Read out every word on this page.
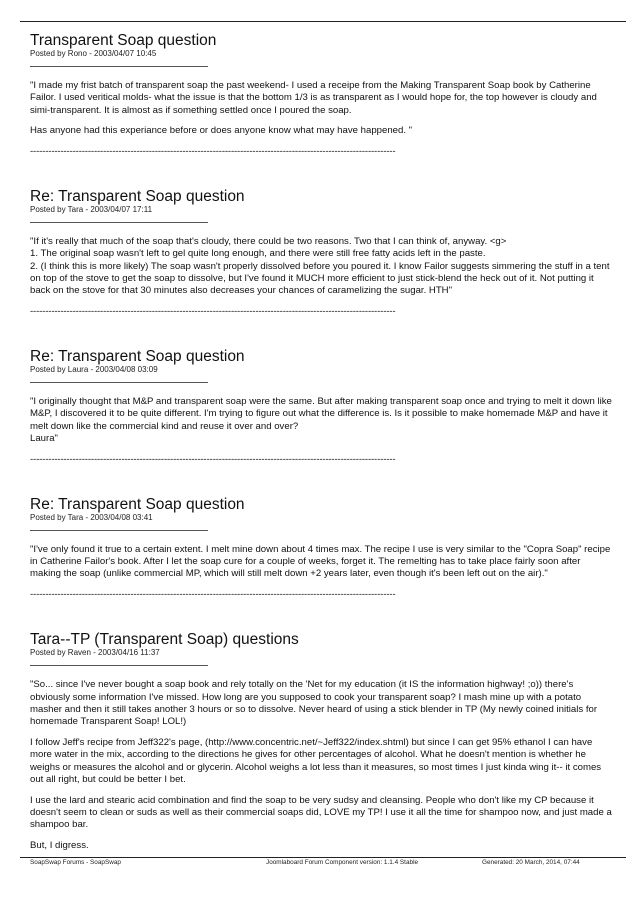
Transparent Soap question

Posted by Rono - 2003/04/07 10:45

"I made my frist batch of transparent soap the past weekend- I used a receipe from the Making Transparent Soap book by Catherine Failor. I used veritical molds- what the issue is that the bottom 1/3 is as transparent as I would hope for, the top however is cloudy and simi-transparent. It is almost as if something settled once I poured the soap.

Has anyone had this experiance before or does anyone know what may have happened. "

------------------------------------------------------------------------------------------------------------------------
Re: Transparent Soap question

Posted by Tara - 2003/04/07 17:11

"If it's really that much of the soap that's cloudy, there could be two reasons. Two that I can think of, anyway. <g>
1. The original soap wasn't left to gel quite long enough, and there were still free fatty acids left in the paste.
2. (I think this is more likely) The soap wasn't properly dissolved before you poured it. I know Failor suggests simmering the stuff in a tent on top of the stove to get the soap to dissolve, but I've found it MUCH more efficient to just stick-blend the heck out of it. Not putting it back on the stove for that 30 minutes also decreases your chances of caramelizing the sugar. HTH"

------------------------------------------------------------------------------------------------------------------------
Re: Transparent Soap question

Posted by Laura - 2003/04/08 03:09

"I originally thought that M&P and transparent soap were the same. But after making transparent soap once and trying to melt it down like M&P, I discovered it to be quite different. I'm trying to figure out what the difference is. Is it possible to make homemade M&P and have it melt down like the commercial kind and reuse it over and over?
Laura"

------------------------------------------------------------------------------------------------------------------------
Re: Transparent Soap question

Posted by Tara - 2003/04/08 03:41

"I've only found it true to a certain extent. I melt mine down about 4 times max. The recipe I use is very similar to the "Copra Soap" recipe in Catherine Failor's book. After I let the soap cure for a couple of weeks, forget it. The remelting has to take place fairly soon after making the soap (unlike commercial MP, which will still melt down +2 years later, even though it's been left out on the air)."

------------------------------------------------------------------------------------------------------------------------
Tara--TP (Transparent Soap) questions

Posted by Raven - 2003/04/16 11:37

"So... since I've never bought a soap book and rely totally on the 'Net for my education (it IS the information highway! ;o)) there's obviously some information I've missed. How long are you supposed to cook your transparent soap? I mash mine up with a potato masher and then it still takes another 3 hours or so to dissolve. Never heard of using a stick blender in TP (My newly coined initials for homemade Transparent Soap! LOL!)

I follow Jeff's recipe from Jeff322's page, (http://www.concentric.net/~Jeff322/index.shtml) but since I can get 95% ethanol I can have more water in the mix, according to the directions he gives for other percentages of alcohol. What he doesn't mention is whether he weighs or measures the alcohol and or glycerin. Alcohol weighs a lot less than it measures, so most times I just kinda wing it-- it comes out all right, but could be better I bet.

I use the lard and stearic acid combination and find the soap to be very sudsy and cleansing. People who don't like my CP because it doesn't seem to clean or suds as well as their commercial soaps did, LOVE my TP! I use it all the time for shampoo now, and just made a shampoo bar.

But, I digress.

SoapSwap Forums - SoapSwap	Joomlaboard Forum Component version: 1.1.4 Stable	Generated: 20 March, 2014, 07:44
